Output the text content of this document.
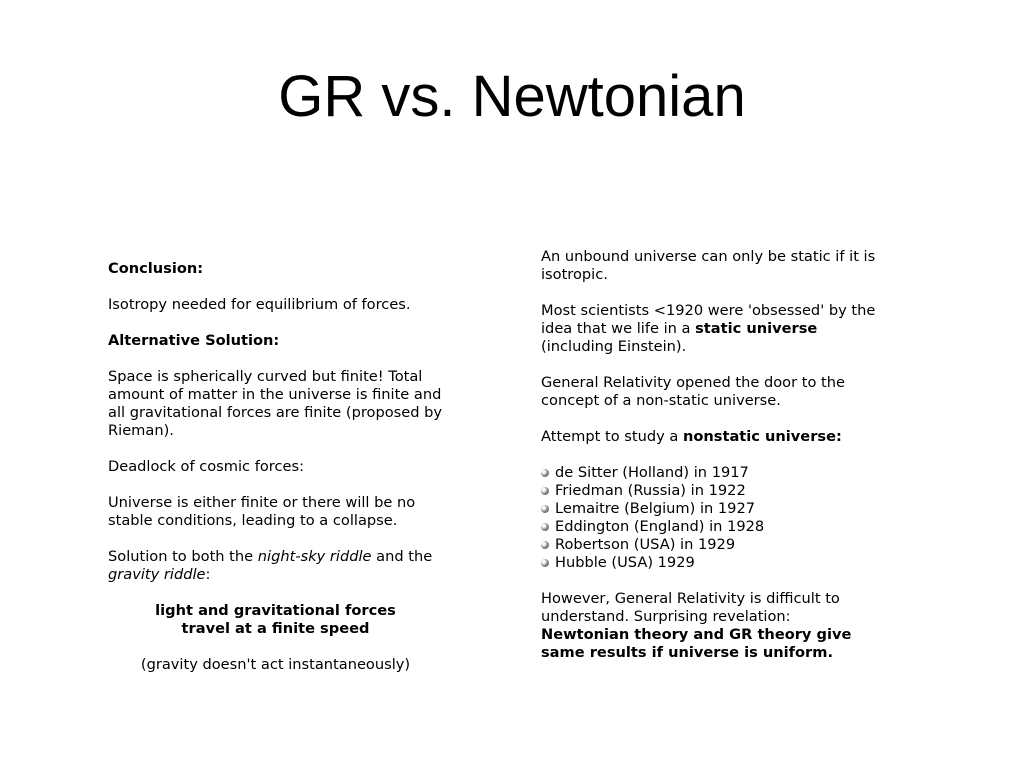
GR vs. Newtonian

Conclusion:

Isotropy needed for equilibrium of forces.

Alternative Solution:

Space is spherically curved but finite! Total amount of matter in the universe is finite and all gravitational forces are finite (proposed by Rieman).

Deadlock of cosmic forces:

Universe is either finite or there will be no stable conditions, leading to a collapse.

Solution to both the night-sky riddle and the gravity riddle:

light and gravitational forces
travel at a finite speed

(gravity doesn't act instantaneously)

An unbound universe can only be static if it is isotropic.

Most scientists <1920 were 'obsessed' by the idea that we life in a static universe (including Einstein).

General Relativity opened the door to the concept of a non-static universe.

Attempt to study a nonstatic universe:

de Sitter (Holland) in 1917
Friedman (Russia) in 1922
Lemaitre (Belgium) in 1927
Eddington (England) in 1928
Robertson (USA) in 1929
Hubble (USA) 1929

However, General Relativity is difficult to understand. Surprising revelation:
Newtonian theory and GR theory give same results if universe is uniform.
